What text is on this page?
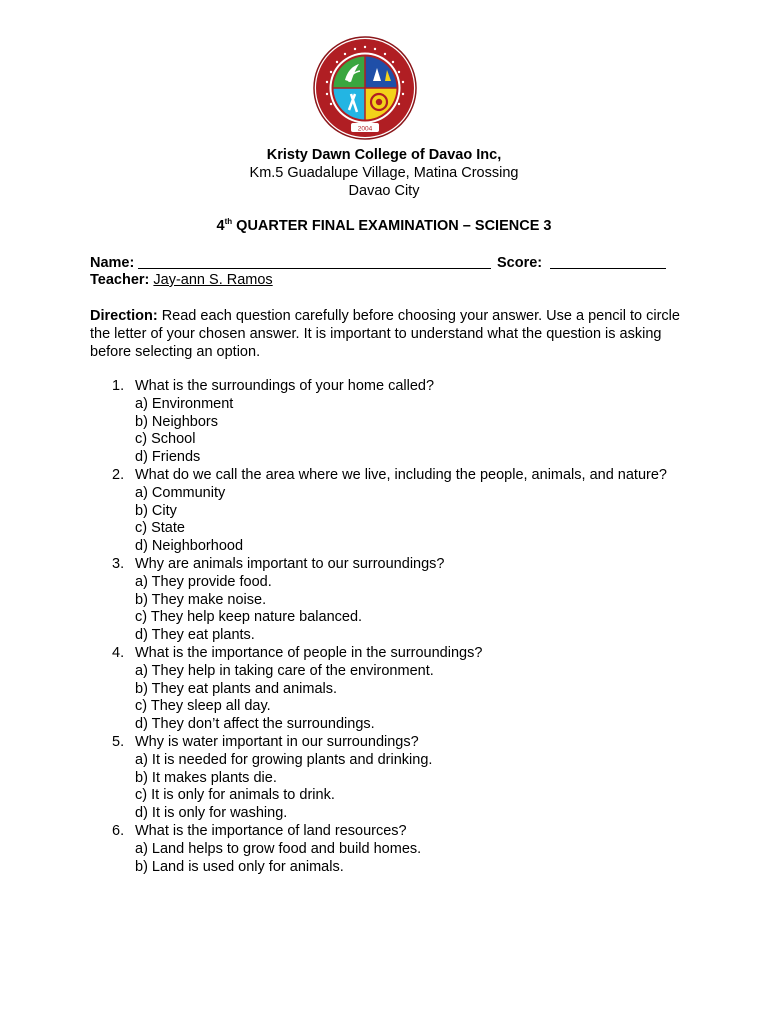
2004
Kristy Dawn College of Davao Inc,
Km.5 Guadalupe Village, Matina Crossing
Davao City
4th QUARTER FINAL EXAMINATION – SCIENCE 3
Name:	Score:
Teacher: Jay-ann S. Ramos
Direction: Read each question carefully before choosing your answer. Use a pencil to circle the letter of your chosen answer. It is important to understand what the question is asking before selecting an option.
1. What is the surroundings of your home called?
a) Environment
b) Neighbors
c) School
d) Friends
2. What do we call the area where we live, including the people, animals, and nature?
a) Community
b) City
c) State
d) Neighborhood
3. Why are animals important to our surroundings?
a) They provide food.
b) They make noise.
c) They help keep nature balanced.
d) They eat plants.
4. What is the importance of people in the surroundings?
a) They help in taking care of the environment.
b) They eat plants and animals.
c) They sleep all day.
d) They don’t affect the surroundings.
5. Why is water important in our surroundings?
a) It is needed for growing plants and drinking.
b) It makes plants die.
c) It is only for animals to drink.
d) It is only for washing.
6. What is the importance of land resources?
a) Land helps to grow food and build homes.
b) Land is used only for animals.
